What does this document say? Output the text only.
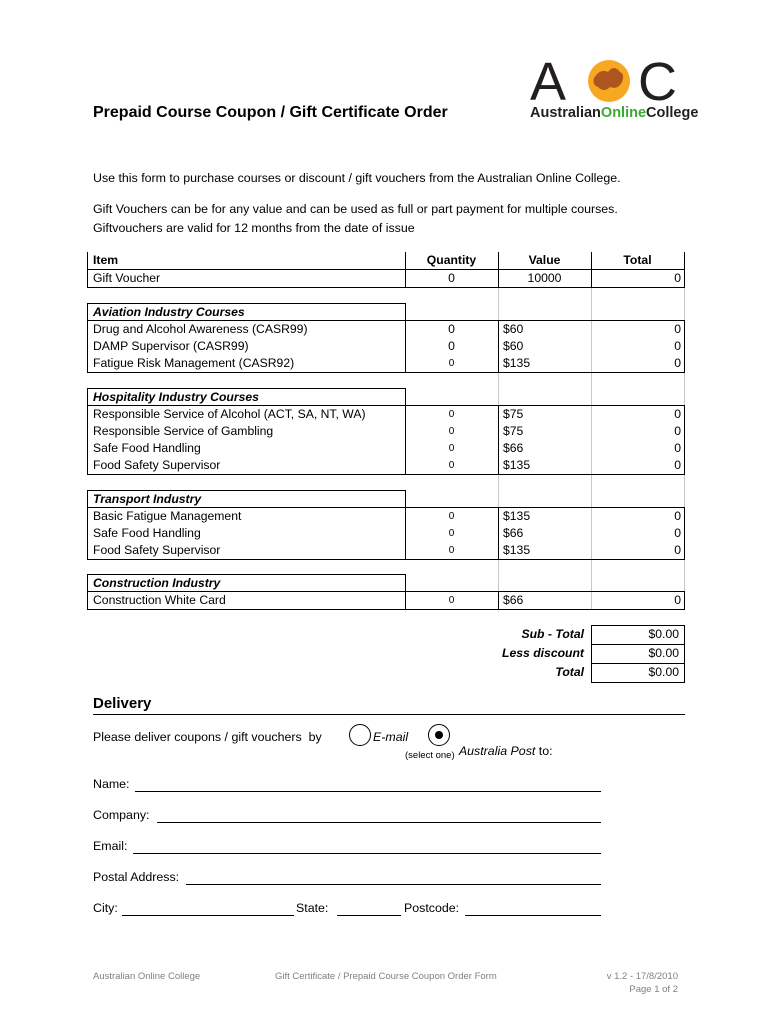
Prepaid Course Coupon / Gift Certificate Order
A C
AustralianOnlineCollege
Use this form to purchase courses or discount / gift vouchers from the Australian Online College.
Gift Vouchers can be for any value and can be used as full or part payment for multiple courses.
Giftvouchers are valid for 12 months from the date of issue
Item	Quantity	Value	Total
Gift Voucher	0	10000	0
Aviation Industry Courses
Drug and Alcohol Awareness (CASR99)	0	$60	0
DAMP Supervisor (CASR99)	0	$60	0
Fatigue Risk Management (CASR92)	0	$135	0
Hospitality Industry Courses
Responsible Service of Alcohol (ACT, SA, NT, WA)	0	$75	0
Responsible Service of Gambling	0	$75	0
Safe Food Handling	0	$66	0
Food Safety Supervisor	0	$135	0
Transport Industry
Basic Fatigue Management	0	$135	0
Safe Food Handling	0	$66	0
Food Safety Supervisor	0	$135	0
Construction Industry
Construction White Card	0	$66	0
Sub - Total	$0.00
Less discount	$0.00
Total	$0.00
Delivery
Please deliver coupons / gift vouchers  by	E-mail

Australia Post to:

(select one)
Name:
Company:
Email:
Postal Address:
City:	State:	Postcode:
Australian Online College	Gift Certificate / Prepaid Course Coupon Order Form	v 1.2 - 17/8/2010
Page 1 of 2
